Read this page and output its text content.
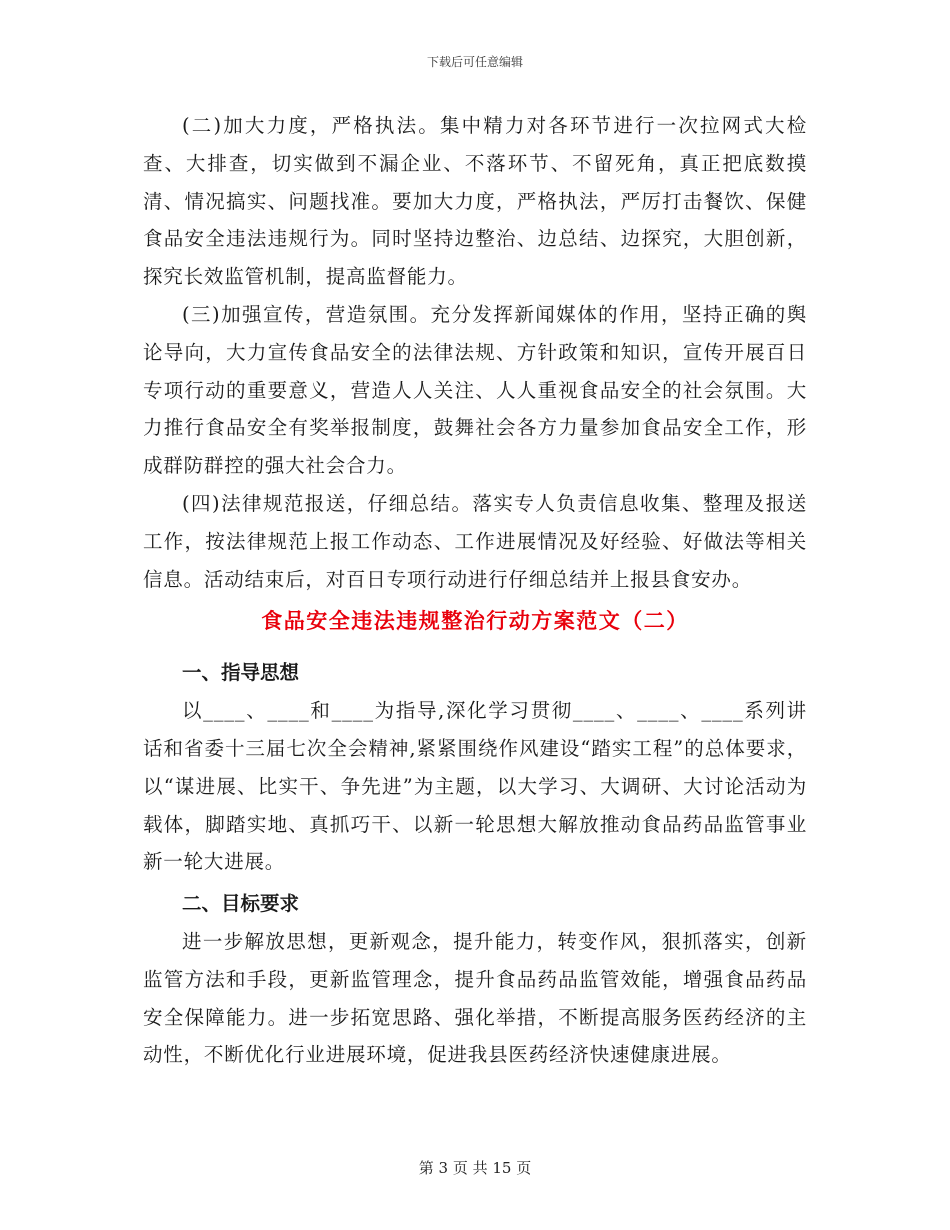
下载后可任意编辑

(二)加大力度，严格执法。集中精力对各环节进行一次拉网式大检查、大排查，切实做到不漏企业、不落环节、不留死角，真正把底数摸清、情况搞实、问题找准。要加大力度，严格执法，严厉打击餐饮、保健食品安全违法违规行为。同时坚持边整治、边总结、边探究，大胆创新，探究长效监管机制，提高监督能力。

(三)加强宣传，营造氛围。充分发挥新闻媒体的作用，坚持正确的舆论导向，大力宣传食品安全的法律法规、方针政策和知识，宣传开展百日专项行动的重要意义，营造人人关注、人人重视食品安全的社会氛围。大力推行食品安全有奖举报制度，鼓舞社会各方力量参加食品安全工作，形成群防群控的强大社会合力。

(四)法律规范报送，仔细总结。落实专人负责信息收集、整理及报送工作，按法律规范上报工作动态、工作进展情况及好经验、好做法等相关信息。活动结束后，对百日专项行动进行仔细总结并上报县食安办。

食品安全违法违规整治行动方案范文（二）
一、指导思想

以____、____和____为指导,深化学习贯彻____、____、____系列讲话和省委十三届七次全会精神,紧紧围绕作风建设“踏实工程”的总体要求，以“谋进展、比实干、争先进”为主题，以大学习、大调研、大讨论活动为载体，脚踏实地、真抓巧干、以新一轮思想大解放推动食品药品监管事业新一轮大进展。

二、目标要求

进一步解放思想，更新观念，提升能力，转变作风，狠抓落实，创新监管方法和手段，更新监管理念，提升食品药品监管效能，增强食品药品安全保障能力。进一步拓宽思路、强化举措，不断提高服务医药经济的主动性，不断优化行业进展环境，促进我县医药经济快速健康进展。

第 3 页 共 15 页
